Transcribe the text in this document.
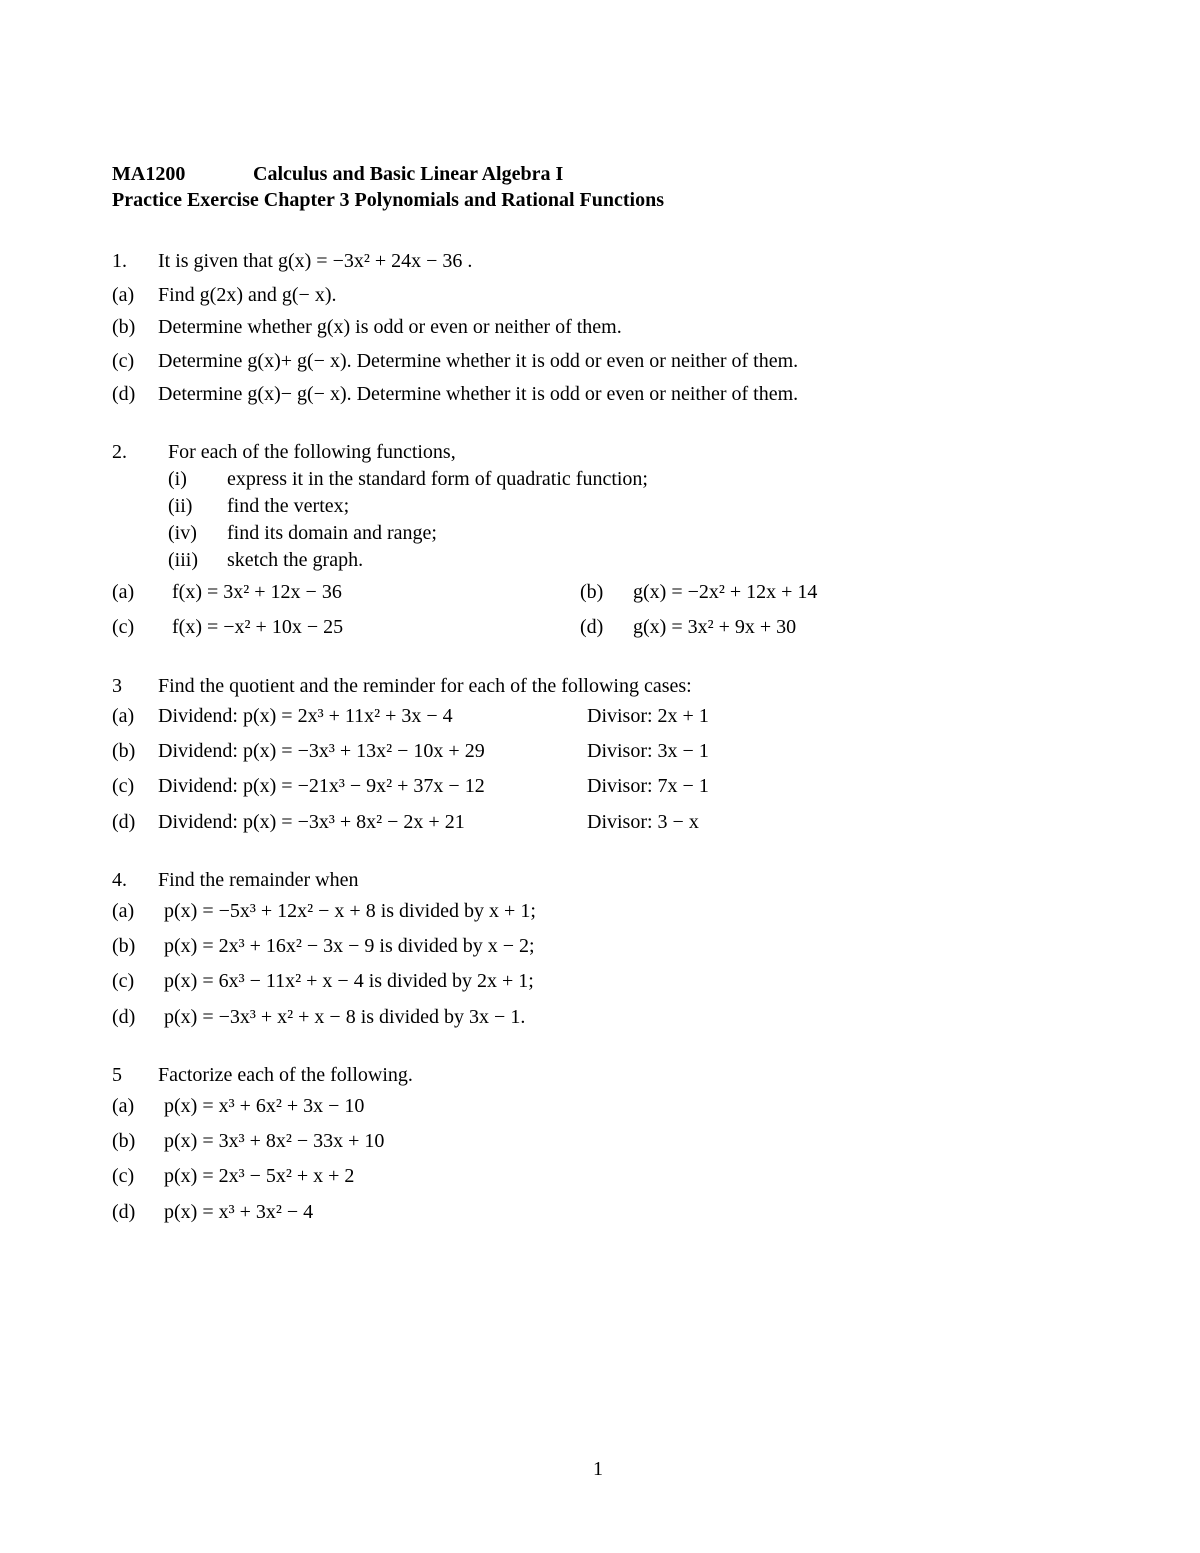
MA1200	Calculus and Basic Linear Algebra I
Practice Exercise Chapter 3 Polynomials and Rational Functions
1. It is given that g(x) = −3x² + 24x − 36 .
(a) Find g(2x) and g(− x).
(b) Determine whether g(x) is odd or even or neither of them.
(c) Determine g(x)+ g(− x). Determine whether it is odd or even or neither of them.
(d) Determine g(x)− g(− x). Determine whether it is odd or even or neither of them.
2. For each of the following functions,
(i) express it in the standard form of quadratic function;
(ii) find the vertex;
(iv) find its domain and range;
(iii) sketch the graph.
(a) f(x) = 3x² + 12x − 36	(b) g(x) = −2x² + 12x + 14
(c) f(x) = −x² + 10x − 25	(d) g(x) = 3x² + 9x + 30
3 Find the quotient and the reminder for each of the following cases:
(a) Dividend: p(x) = 2x³ + 11x² + 3x − 4	Divisor: 2x + 1
(b) Dividend: p(x) = −3x³ + 13x² − 10x + 29	Divisor: 3x − 1
(c) Dividend: p(x) = −21x³ − 9x² + 37x − 12	Divisor: 7x − 1
(d) Dividend: p(x) = −3x³ + 8x² − 2x + 21	Divisor: 3 − x
4. Find the remainder when
(a) p(x) = −5x³ + 12x² − x + 8 is divided by x + 1;
(b) p(x) = 2x³ + 16x² − 3x − 9 is divided by x − 2;
(c) p(x) = 6x³ − 11x² + x − 4 is divided by 2x + 1;
(d) p(x) = −3x³ + x² + x − 8 is divided by 3x − 1.
5 Factorize each of the following.
(a) p(x) = x³ + 6x² + 3x − 10
(b) p(x) = 3x³ + 8x² − 33x + 10
(c) p(x) = 2x³ − 5x² + x + 2
(d) p(x) = x³ + 3x² − 4
1
